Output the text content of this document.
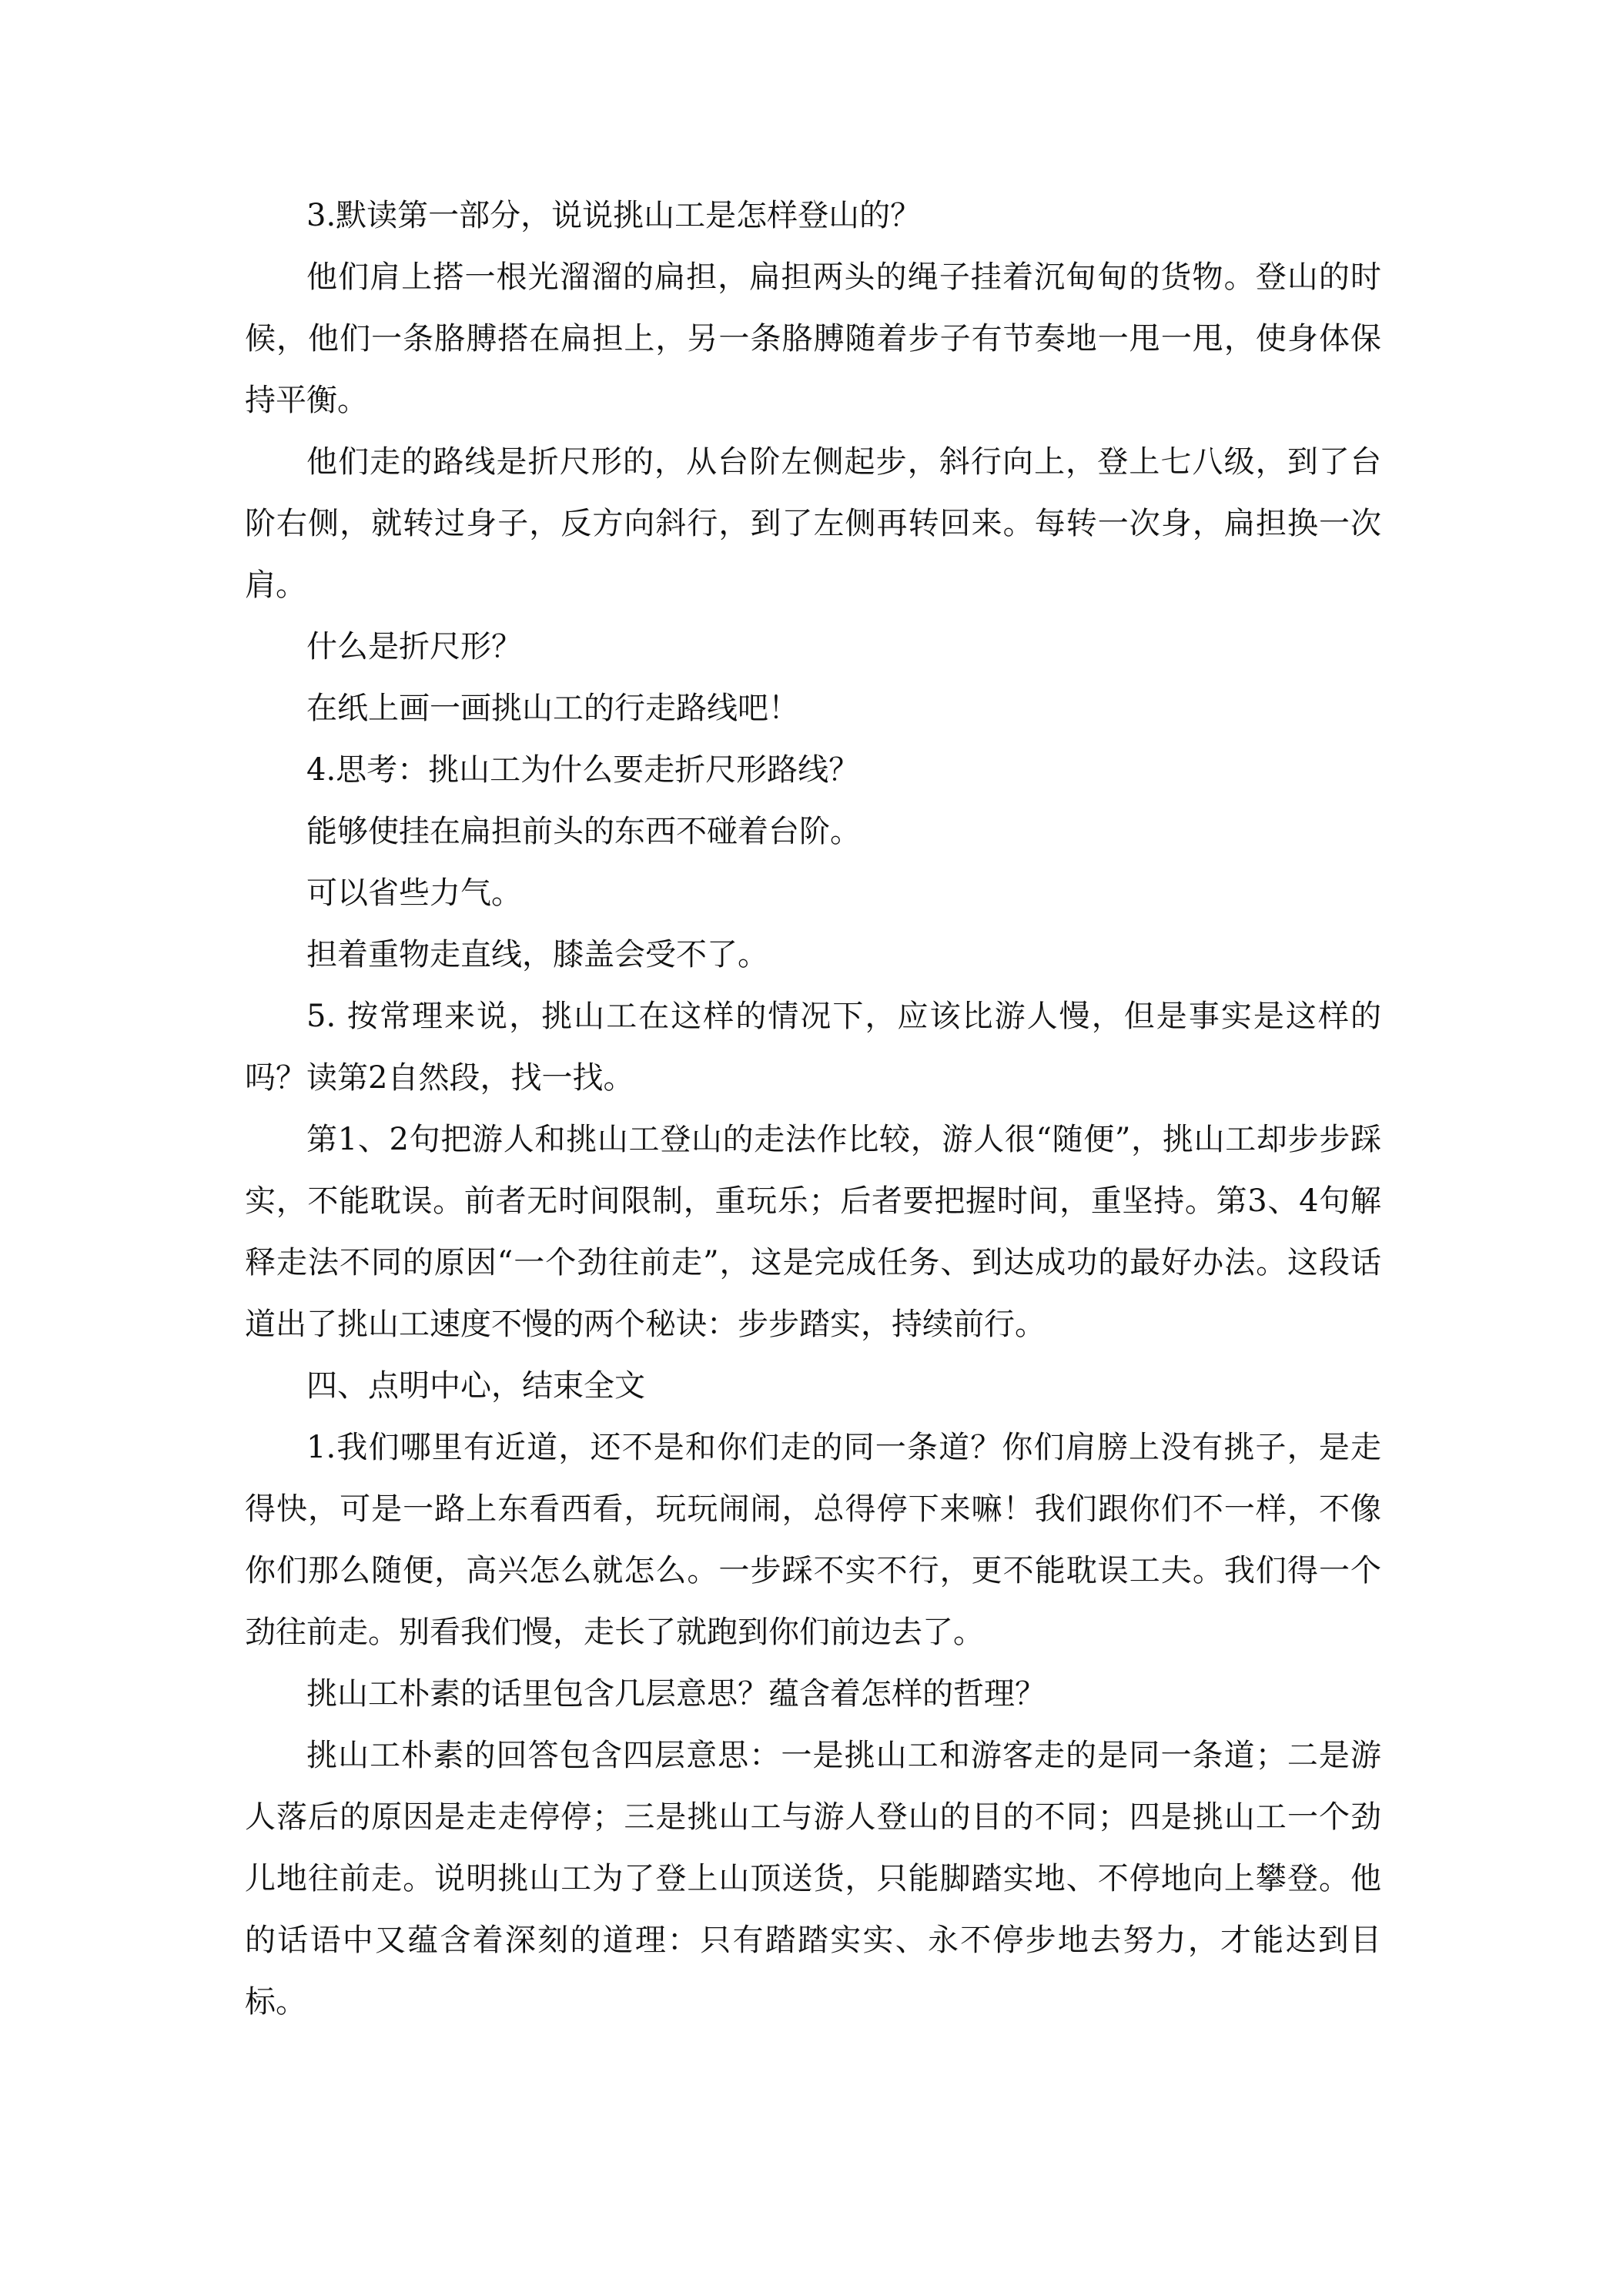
3.默读第一部分，说说挑山工是怎样登山的？

他们肩上搭一根光溜溜的扁担，扁担两头的绳子挂着沉甸甸的货物。登山的时候，他们一条胳膊搭在扁担上，另一条胳膊随着步子有节奏地一甩一甩，使身体保持平衡。

他们走的路线是折尺形的，从台阶左侧起步，斜行向上，登上七八级，到了台阶右侧，就转过身子，反方向斜行，到了左侧再转回来。每转一次身，扁担换一次肩。

什么是折尺形？

在纸上画一画挑山工的行走路线吧！

4.思考：挑山工为什么要走折尺形路线？

能够使挂在扁担前头的东西不碰着台阶。

可以省些力气。

担着重物走直线，膝盖会受不了。

5. 按常理来说，挑山工在这样的情况下，应该比游人慢，但是事实是这样的吗？读第2自然段，找一找。

第1、2句把游人和挑山工登山的走法作比较，游人很“随便”，挑山工却步步踩实，不能耽误。前者无时间限制，重玩乐；后者要把握时间，重坚持。第3、4句解释走法不同的原因“一个劲往前走”，这是完成任务、到达成功的最好办法。这段话道出了挑山工速度不慢的两个秘诀：步步踏实，持续前行。

四、点明中心，结束全文

1.我们哪里有近道，还不是和你们走的同一条道？你们肩膀上没有挑子，是走得快，可是一路上东看西看，玩玩闹闹，总得停下来嘛！我们跟你们不一样，不像你们那么随便，高兴怎么就怎么。一步踩不实不行，更不能耽误工夫。我们得一个劲往前走。别看我们慢，走长了就跑到你们前边去了。

挑山工朴素的话里包含几层意思？蕴含着怎样的哲理？

挑山工朴素的回答包含四层意思：一是挑山工和游客走的是同一条道；二是游人落后的原因是走走停停；三是挑山工与游人登山的目的不同；四是挑山工一个劲儿地往前走。说明挑山工为了登上山顶送货，只能脚踏实地、不停地向上攀登。他的话语中又蕴含着深刻的道理：只有踏踏实实、永不停步地去努力，才能达到目标。
